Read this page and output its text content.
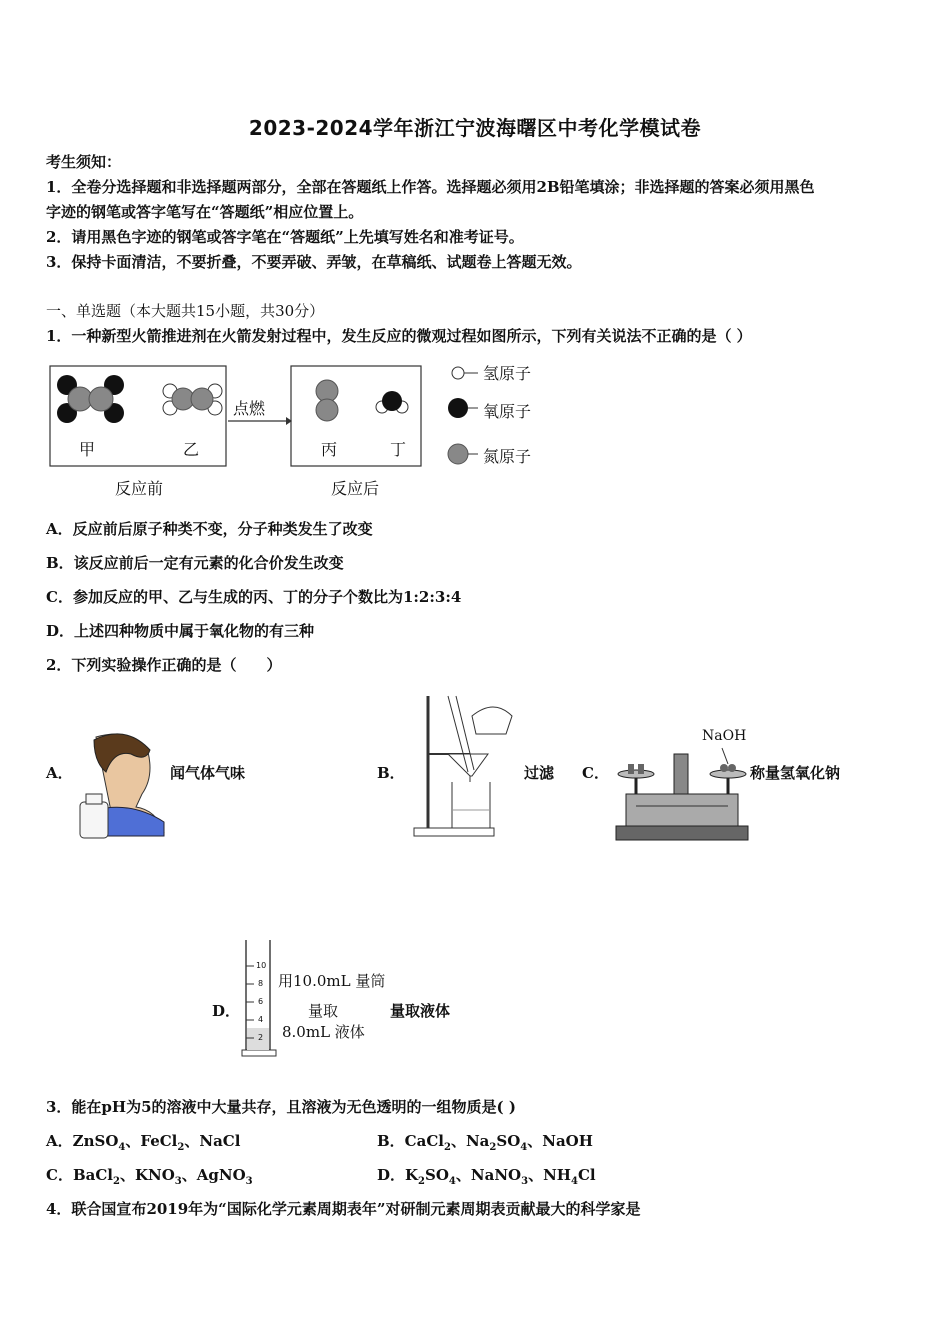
2023-2024学年浙江宁波海曙区中考化学模试卷
考生须知：
1．全卷分选择题和非选择题两部分，全部在答题纸上作答。选择题必须用2B铅笔填涂；非选择题的答案必须用黑色
字迹的钢笔或答字笔写在“答题纸”相应位置上。
2．请用黑色字迹的钢笔或答字笔在“答题纸”上先填写姓名和准考证号。
3．保持卡面清洁，不要折叠，不要弄破、弄皱，在草稿纸、试题卷上答题无效。
一、单选题（本大题共15小题，共30分）
1．一种新型火箭推进剂在火箭发射过程中，发生反应的微观过程如图所示，下列有关说法不正确的是（ ）
甲	乙
点燃
丙	丁
反应前	反应后
氢原子
氧原子
氮原子
A．反应前后原子种类不变，分子种类发生了改变
B．该反应前后一定有元素的化合价发生改变
C．参加反应的甲、乙与生成的丙、丁的分子个数比为1:2:3:4
D．上述四种物质中属于氧化物的有三种
2．下列实验操作正确的是（　　）
A．	闻气体气味	B．	过滤 C．
NaOH
称量氢氧化钠
D．
10
8
6
4
2
用10.0mL 量筒
量取
8.0mL 液体
量取液体
3．能在pH为5的溶液中大量共存，且溶液为无色透明的一组物质是( )
A．ZnSO$_4$、FeCl$_2$、NaCl	B．CaCl$_2$、$Na_2SO_4$、NaOH
C．BaCl$_2$、$KNO_3$、AgNO$_3$	D．$K_2SO_4$、NaNO$_3$、$NH_4Cl$
4．联合国宣布2019年为“国际化学元素周期表年”对研制元素周期表贡献最大的科学家是
